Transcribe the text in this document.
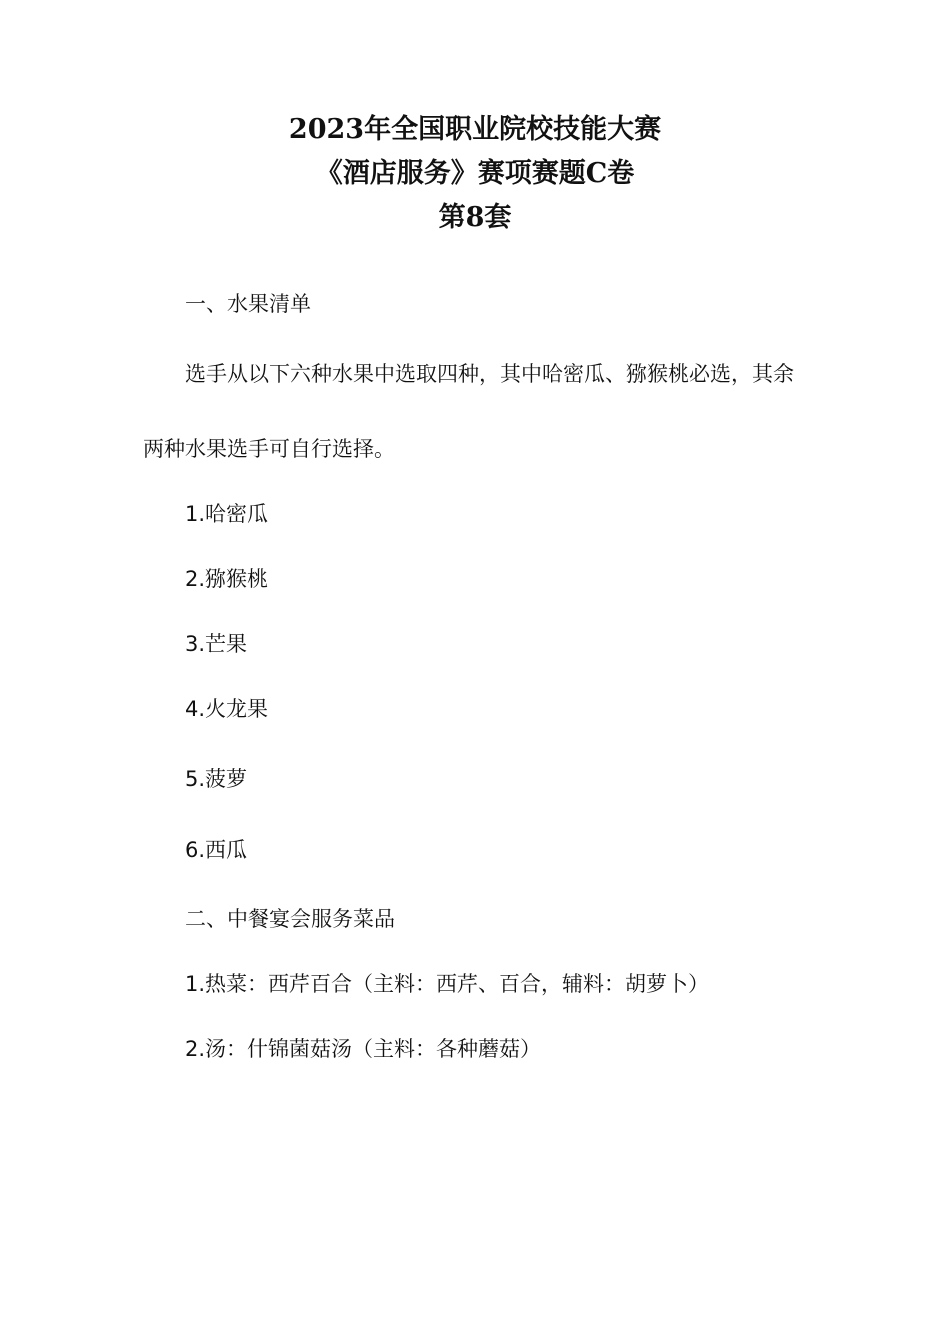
2023年全国职业院校技能大赛
《酒店服务》赛项赛题C卷
第8套
一、水果清单
选手从以下六种水果中选取四种，其中哈密瓜、猕猴桃必选，其余
两种水果选手可自行选择。
1.哈密瓜
2.猕猴桃
3.芒果
4.火龙果
5.菠萝
6.西瓜
二、中餐宴会服务菜品
1.热菜：西芹百合（主料：西芹、百合，辅料：胡萝卜）
2.汤：什锦菌菇汤（主料：各种蘑菇）
